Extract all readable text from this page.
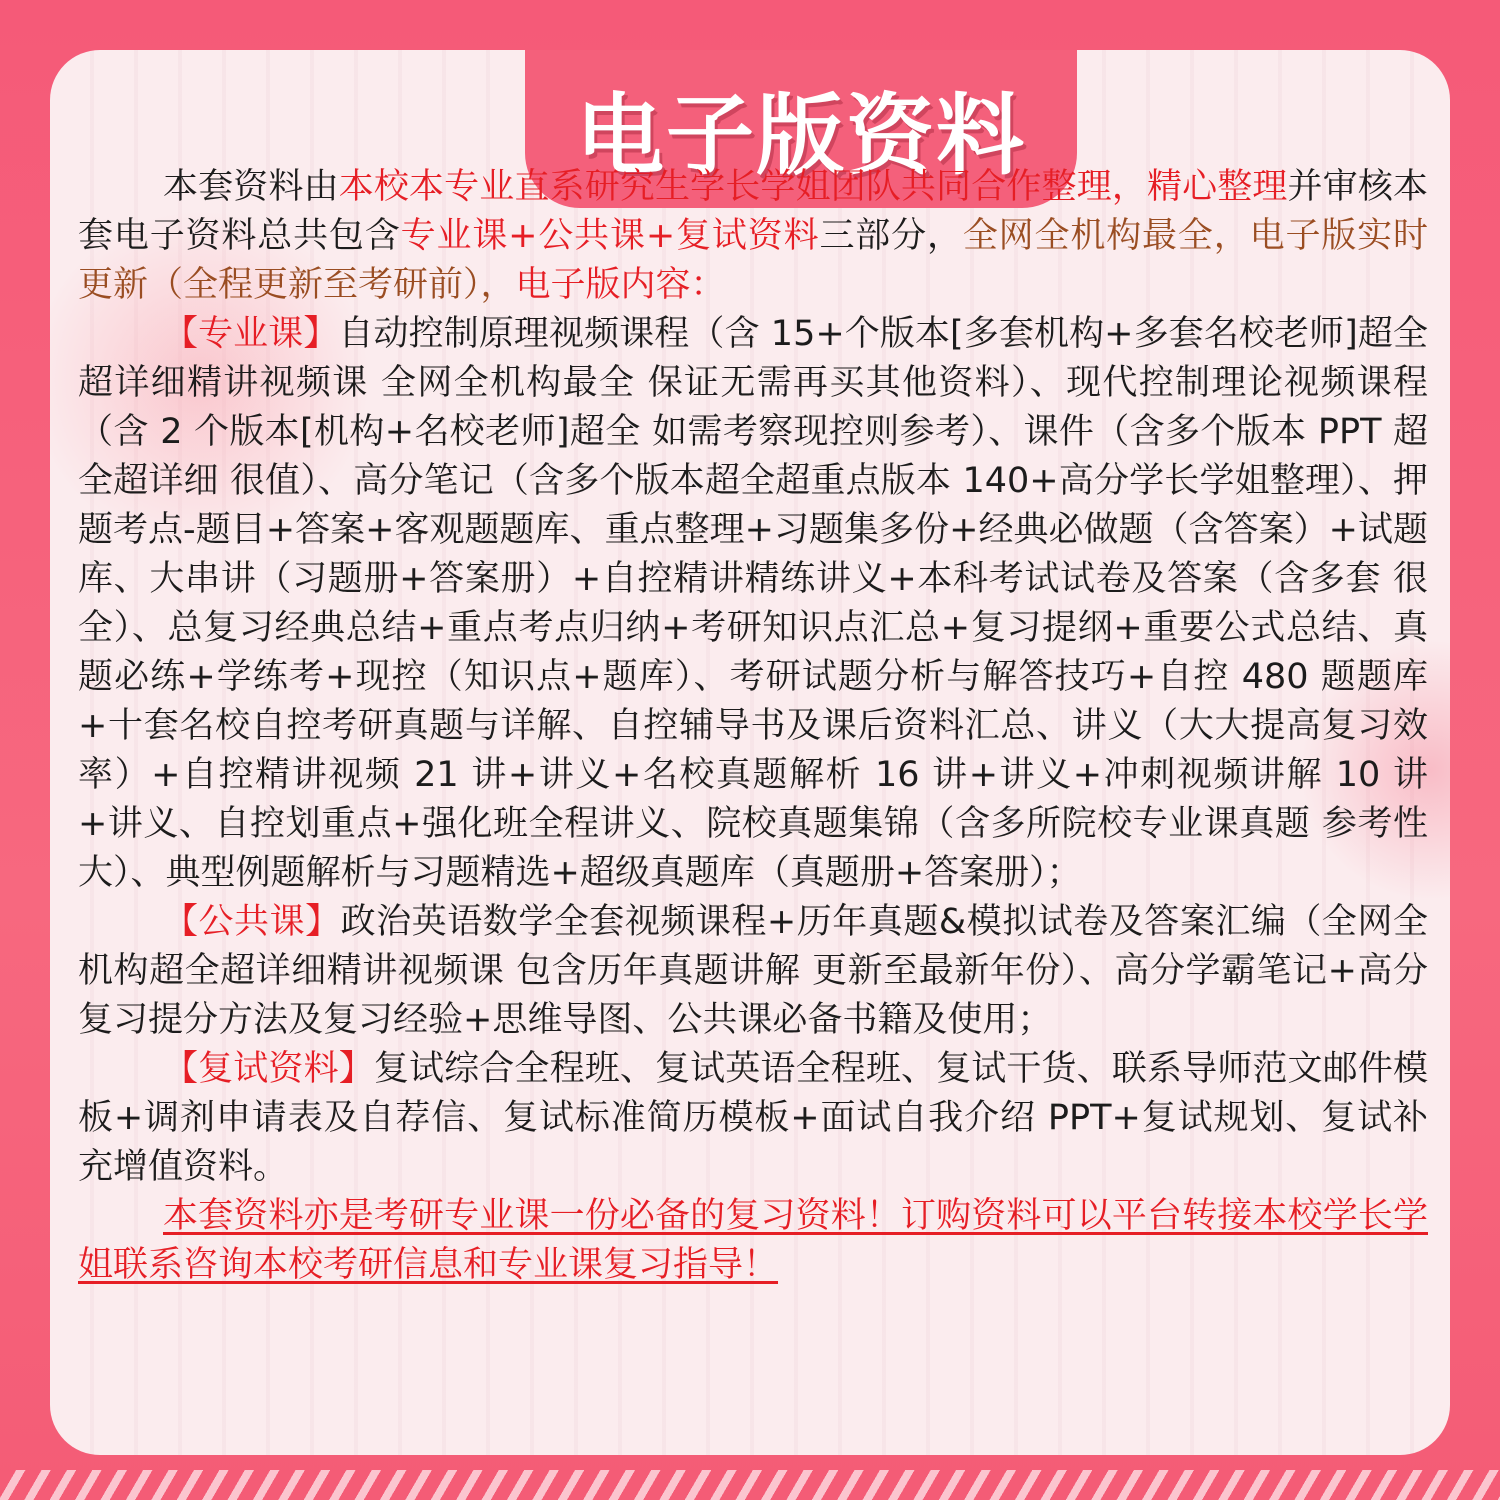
电子版资料

本套资料由本校本专业直系研究生学长学姐团队共同合作整理，精心整理并审核本套电子资料总共包含专业课+公共课+复试资料三部分，全网全机构最全，电子版实时更新（全程更新至考研前），电子版内容：

【专业课】自动控制原理视频课程（含 15+个版本[多套机构+多套名校老师]超全超详细精讲视频课 全网全机构最全 保证无需再买其他资料）、现代控制理论视频课程（含 2 个版本[机构+名校老师]超全 如需考察现控则参考）、课件（含多个版本 PPT 超全超详细 很值）、高分笔记（含多个版本超全超重点版本 140+高分学长学姐整理）、押题考点-题目+答案+客观题题库、重点整理+习题集多份+经典必做题（含答案）+试题库、大串讲（习题册+答案册）+自控精讲精练讲义+本科考试试卷及答案（含多套 很全）、总复习经典总结+重点考点归纳+考研知识点汇总+复习提纲+重要公式总结、真题必练+学练考+现控（知识点+题库）、考研试题分析与解答技巧+自控 480 题题库+十套名校自控考研真题与详解、自控辅导书及课后资料汇总、讲义（大大提高复习效率）+自控精讲视频 21 讲+讲义+名校真题解析 16 讲+讲义+冲刺视频讲解 10 讲+讲义、自控划重点+强化班全程讲义、院校真题集锦（含多所院校专业课真题 参考性大）、典型例题解析与习题精选+超级真题库（真题册+答案册）；

【公共课】政治英语数学全套视频课程+历年真题&模拟试卷及答案汇编（全网全机构超全超详细精讲视频课 包含历年真题讲解 更新至最新年份）、高分学霸笔记+高分复习提分方法及复习经验+思维导图、公共课必备书籍及使用；

【复试资料】复试综合全程班、复试英语全程班、复试干货、联系导师范文邮件模板+调剂申请表及自荐信、复试标准简历模板+面试自我介绍 PPT+复试规划、复试补充增值资料。

本套资料亦是考研专业课一份必备的复习资料！订购资料可以平台转接本校学长学姐联系咨询本校考研信息和专业课复习指导！
